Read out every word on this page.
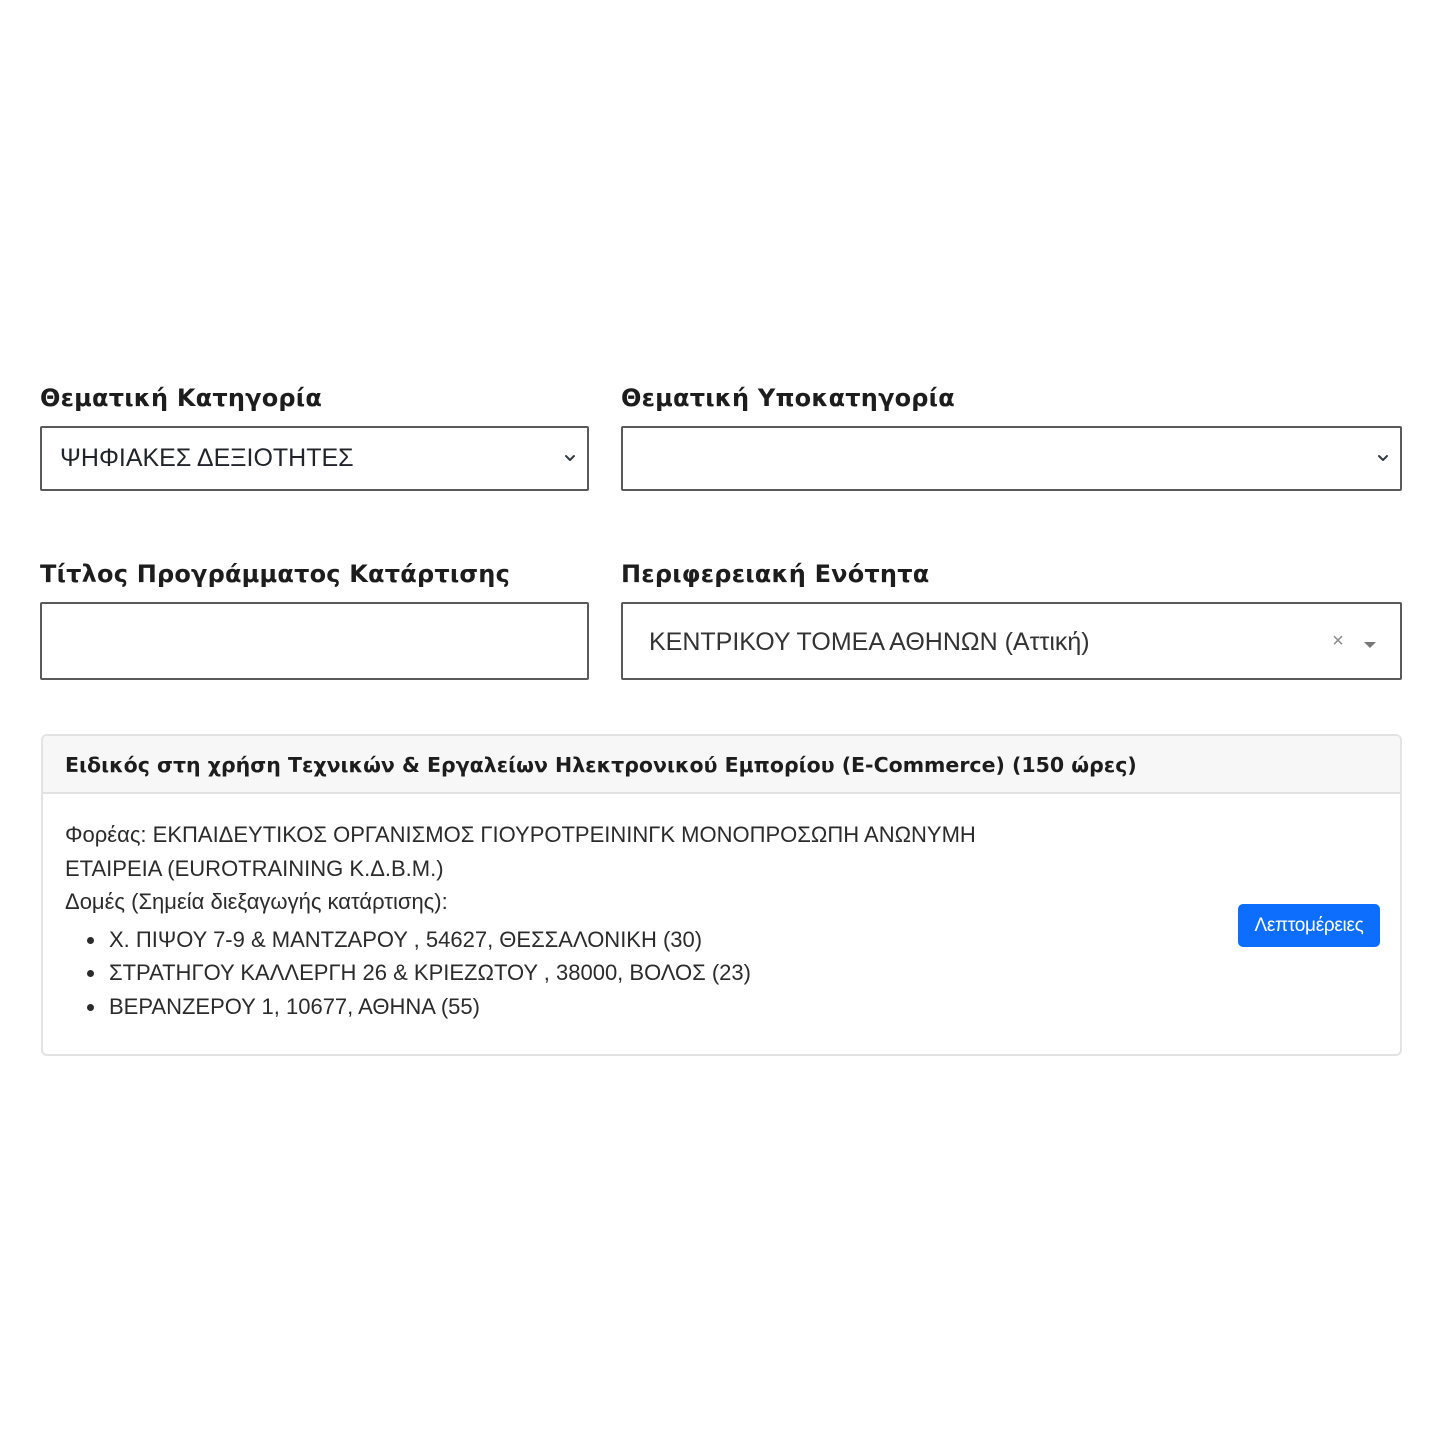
Θεματική Κατηγορία
ΨΗΦΙΑΚΕΣ ΔΕΞΙΟΤΗΤΕΣ
Θεματική Υποκατηγορία
Τίτλος Προγράμματος Κατάρτισης	Περιφερειακή Ενότητα
ΚΕΝΤΡΙΚΟΥ ΤΟΜΕΑ ΑΘΗΝΩΝ (Αττική)	×
Ειδικός στη χρήση Τεχνικών & Εργαλείων Ηλεκτρονικού Εμπορίου (E-Commerce) (150 ώρες)
Φορέας: ΕΚΠΑΙΔΕΥΤΙΚΟΣ ΟΡΓΑΝΙΣΜΟΣ ΓΙΟΥΡΟΤΡΕΙΝΙΝΓΚ ΜΟΝΟΠΡΟΣΩΠΗ ΑΝΩΝΥΜΗ ΕΤΑΙΡΕΙΑ (EUROTRAINING Κ.Δ.Β.Μ.)
Δομές (Σημεία διεξαγωγής κατάρτισης):
Χ. ΠΙΨΟΥ 7-9 & ΜΑΝΤΖΑΡΟΥ , 54627, ΘΕΣΣΑΛΟΝΙΚΗ (30)
ΣΤΡΑΤΗΓΟΥ ΚΑΛΛΕΡΓΗ 26 & ΚΡΙΕΖΩΤΟΥ , 38000, ΒΟΛΟΣ (23)
ΒΕΡΑΝΖΕΡΟΥ 1, 10677, ΑΘΗΝΑ (55)
Λεπτομέρειες
